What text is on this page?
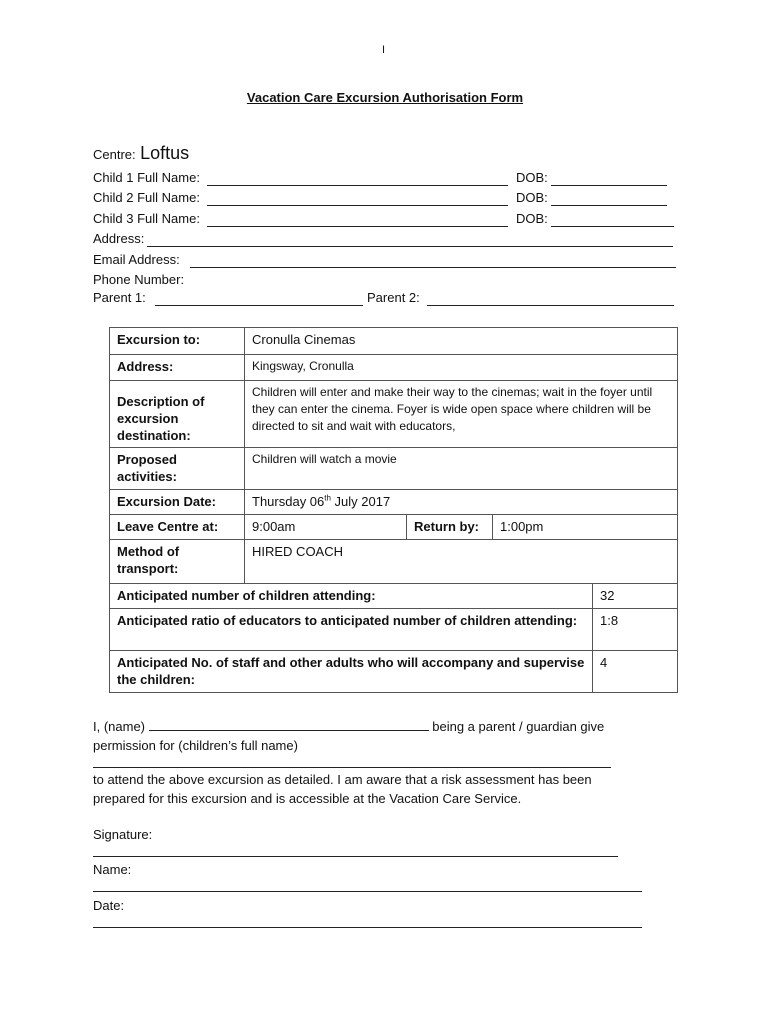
I
Vacation Care Excursion Authorisation Form
Centre: Loftus
Child 1 Full Name:	DOB:
Child 2 Full Name:	DOB:
Child 3 Full Name:	DOB:
Address:
Email Address:
Phone Number:
Parent 1:	Parent 2:
Excursion to:	Cronulla Cinemas			
Address:	Kingsway, Cronulla			
Description of excursion destination:	Children will enter and make their way to the cinemas; wait in the foyer until they can enter the cinema. Foyer is wide open space where children will be directed to sit and wait with educators,			
Proposed activities:	Children will watch a movie			
Excursion Date:	Thursday 06th July 2017			
Leave Centre at:	9:00am	Return by:	1:00pm	
Method of transport:	HIRED COACH			
Anticipated number of children attending:				32
Anticipated ratio of educators to anticipated number of children attending:				1:8
Anticipated No. of staff and other adults who will accompany and supervise the children:				4
I, (name)	being a parent / guardian give
permission for (children’s full name)
to attend the above excursion as detailed. I am aware that a risk assessment has been
prepared for this excursion and is accessible at the Vacation Care Service.
Signature:
Name:
Date:
